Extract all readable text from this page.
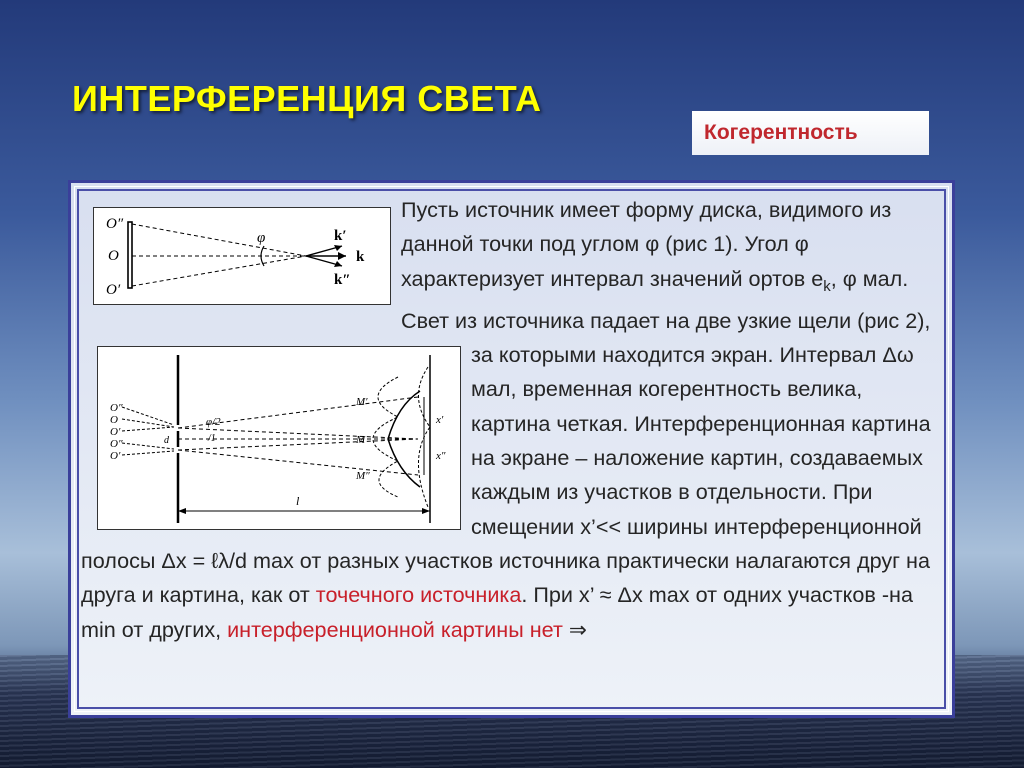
ИНТЕРФЕРЕНЦИЯ СВЕТА
Когерентность
O″
O
O′
φ	k′
k
k″
Пусть источник имеет форму диска, видимого из данной точки под углом φ (рис 1). Угол φ характеризует интервал значений ортов $е_k$, φ мал. Свет из источника падает на две узкие щели (рис 2), за которыми находится экран. Интервал
O″
O
O′
O″
O′
d
φ/2
/1
M′
M
M″
x′
x″
l
Δω мал, временная когерентность велика, картина четкая. Интерференционная картина на экране – наложение картин, создаваемых каждым из участков в отдельности. При смещении x’<< ширины интерференционной полосы Δx = ℓλ/d max от разных участков источника практически налагаются друг на друга и картина, как от точечного источника. При x’ ≈ Δx max от одних участков -на min от других, интерференционной картины нет ⇒
